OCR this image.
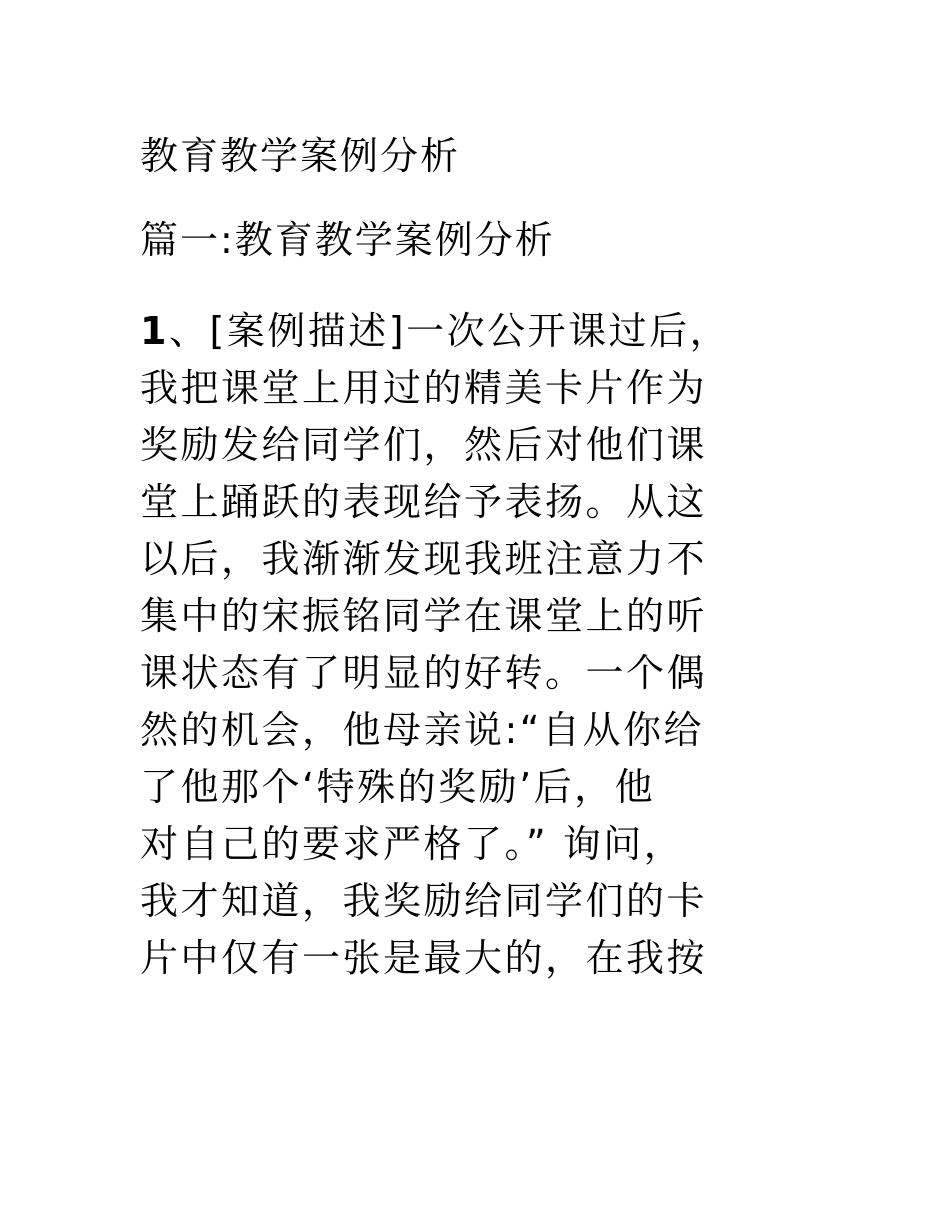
教育教学案例分析
篇一:教育教学案例分析
1、[案例描述]一次公开课过后，
我把课堂上用过的精美卡片作为
奖励发给同学们，然后对他们课
堂上踊跃的表现给予表扬。从这
以后，我渐渐发现我班注意力不
集中的宋振铭同学在课堂上的听
课状态有了明显的好转。一个偶
然的机会，他母亲说:“自从你给
了他那个‘特殊的奖励’后，他
对自己的要求严格了。” 询问，
我才知道，我奖励给同学们的卡
片中仅有一张是最大的，在我按
